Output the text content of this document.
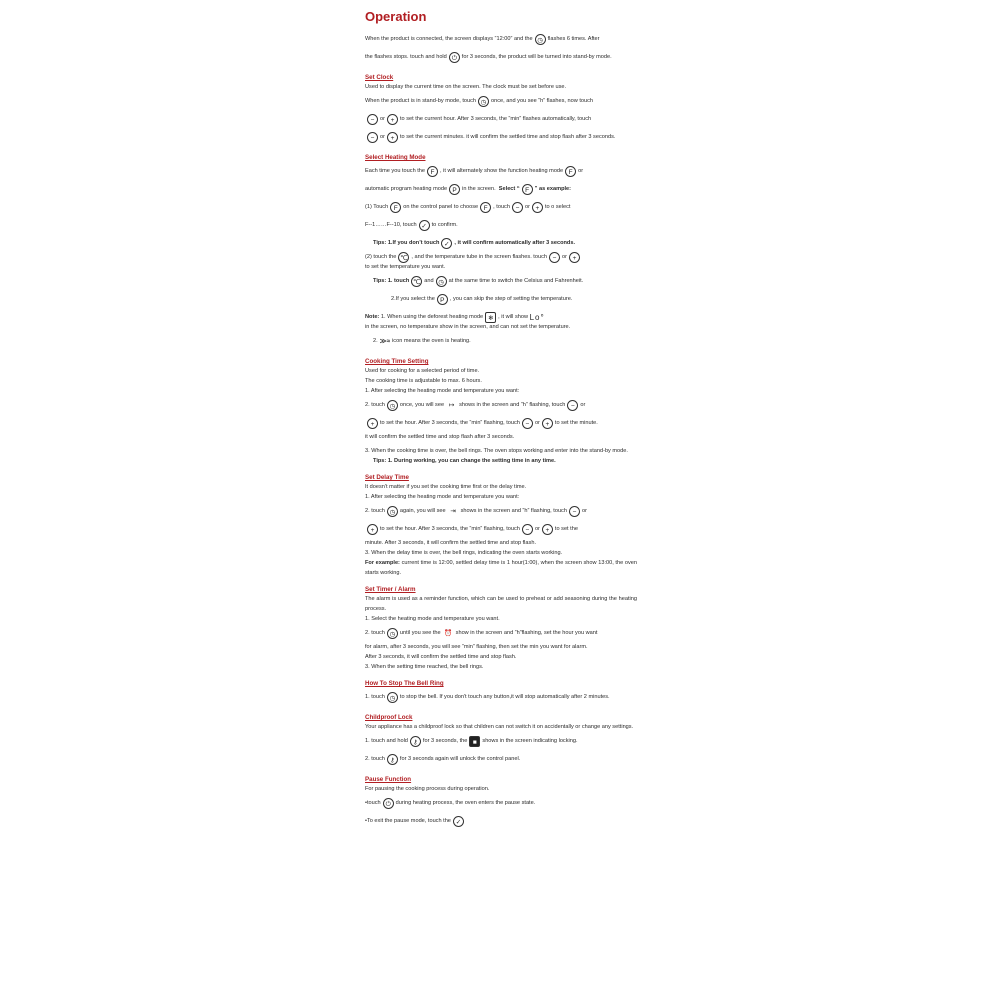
Operation
When the product is connected, the screen displays “12:00” and the ◷ flashes 6 times. After
the flashes stops. touch and hold ⏻ for 3 seconds, the product will be turned into stand-by mode.
Set Clock

Used to display the current time on the screen. The clock must be set before use.

When the product is in stand-by mode, touch ◷ once, and you see “h” flashes, now touch
−	or +	to set the current hour. After 3 seconds, the “min” flashes automatically, touch
−	or +	to set the current minutes. it will confirm the settled time and stop flash after 3 seconds.
Select Heating Mode
Each time you touch the F , it will alternately show the function heating mode F or
automatic program heating mode P in the screen.
Select “ F ” as example:
(1) Touch F on the control panel to choose F , touch −	or +	to o select
F--1……F--10, touch ✓ to confirm.
Tips: 1.If you don’t touch ✓ , it will confirm automatically after 3 seconds.
(2) touch the ℃ , and the temperature tube in the screen flashes. touch −	or +
to set the temperature you want.
Tips: 1. touch ℃ and ◷ at the same time to switch the Celsius and Fahrenheit.
2.If you select the P , you can skip the step of setting the temperature.
Note:
1. When using the deforest heating mode ❄ , it will show
Lo°

in the screen, no temperature show in the screen, and can not set the temperature.
2. ≫≈ icon means the oven is heating.
Cooking Time Setting

Used for cooking for a selected period of time.

The cooking time is adjustable to max. 6 hours.

1. After selecting the heating mode and temperature you want:

2. touch ◷ once, you will see ↦ shows in the screen and “h” flashing, touch −	or
+	to set the hour. After 3 seconds, the “min” flashing, touch −	or +	to set the minute.

it will confirm the settled time and stop flash after 3 seconds.

3. When the cooking time is over, the bell rings. The oven stops working and enter into the stand-by mode.

Tips: 1. During working, you can change the setting time in any time.

Set Delay Time

It doesn't matter if you set the cooking time first or the delay time.

1. After selecting the heating mode and temperature you want:

2. touch ◷ again, you will see ⇥ shows in the screen and “h” flashing, touch −	or
+	to set the hour. After 3 seconds, the “min” flashing, touch −	or +	to set the

minute. After 3 seconds, it will confirm the settled time and stop flash.

3. When the delay time is over, the bell rings, indicating the oven starts working.

For example: current time is 12:00, settled delay time is 1 hour(1:00), when the screen show 13:00, the oven starts working.

Set Timer / Alarm

The alarm is used as a reminder function, which can be used to preheat or add seasoning during the heating process.

1. Select the heating mode and temperature you want.

2. touch ◷ until you see the ⏰ show in the screen and “h”flashing, set the hour you want

for alarm, after 3 seconds, you will see “min” flashing, then set the min you want for alarm.

After 3 seconds, it will confirm the settled time and stop flash.

3. When the setting time reached, the bell rings.

How To Stop The Bell Ring
1. touch ◷ to stop the bell. If you don't touch any button,it will stop automatically after 2 minutes.
Childproof Lock

Your appliance has a childproof lock so that children can not switch it on accidentally or change any settings.

1. touch and hold ⚷ for 3 seconds, the ■ shows in the screen indicating locking.
2. touch ⚷ for 3 seconds again will unlock the control panel.
Pause Function

For pausing the cooking process during operation.

•touch ⏻ during heating process, the oven enters the pause state.
•To exit the pause mode, touch the ✓
